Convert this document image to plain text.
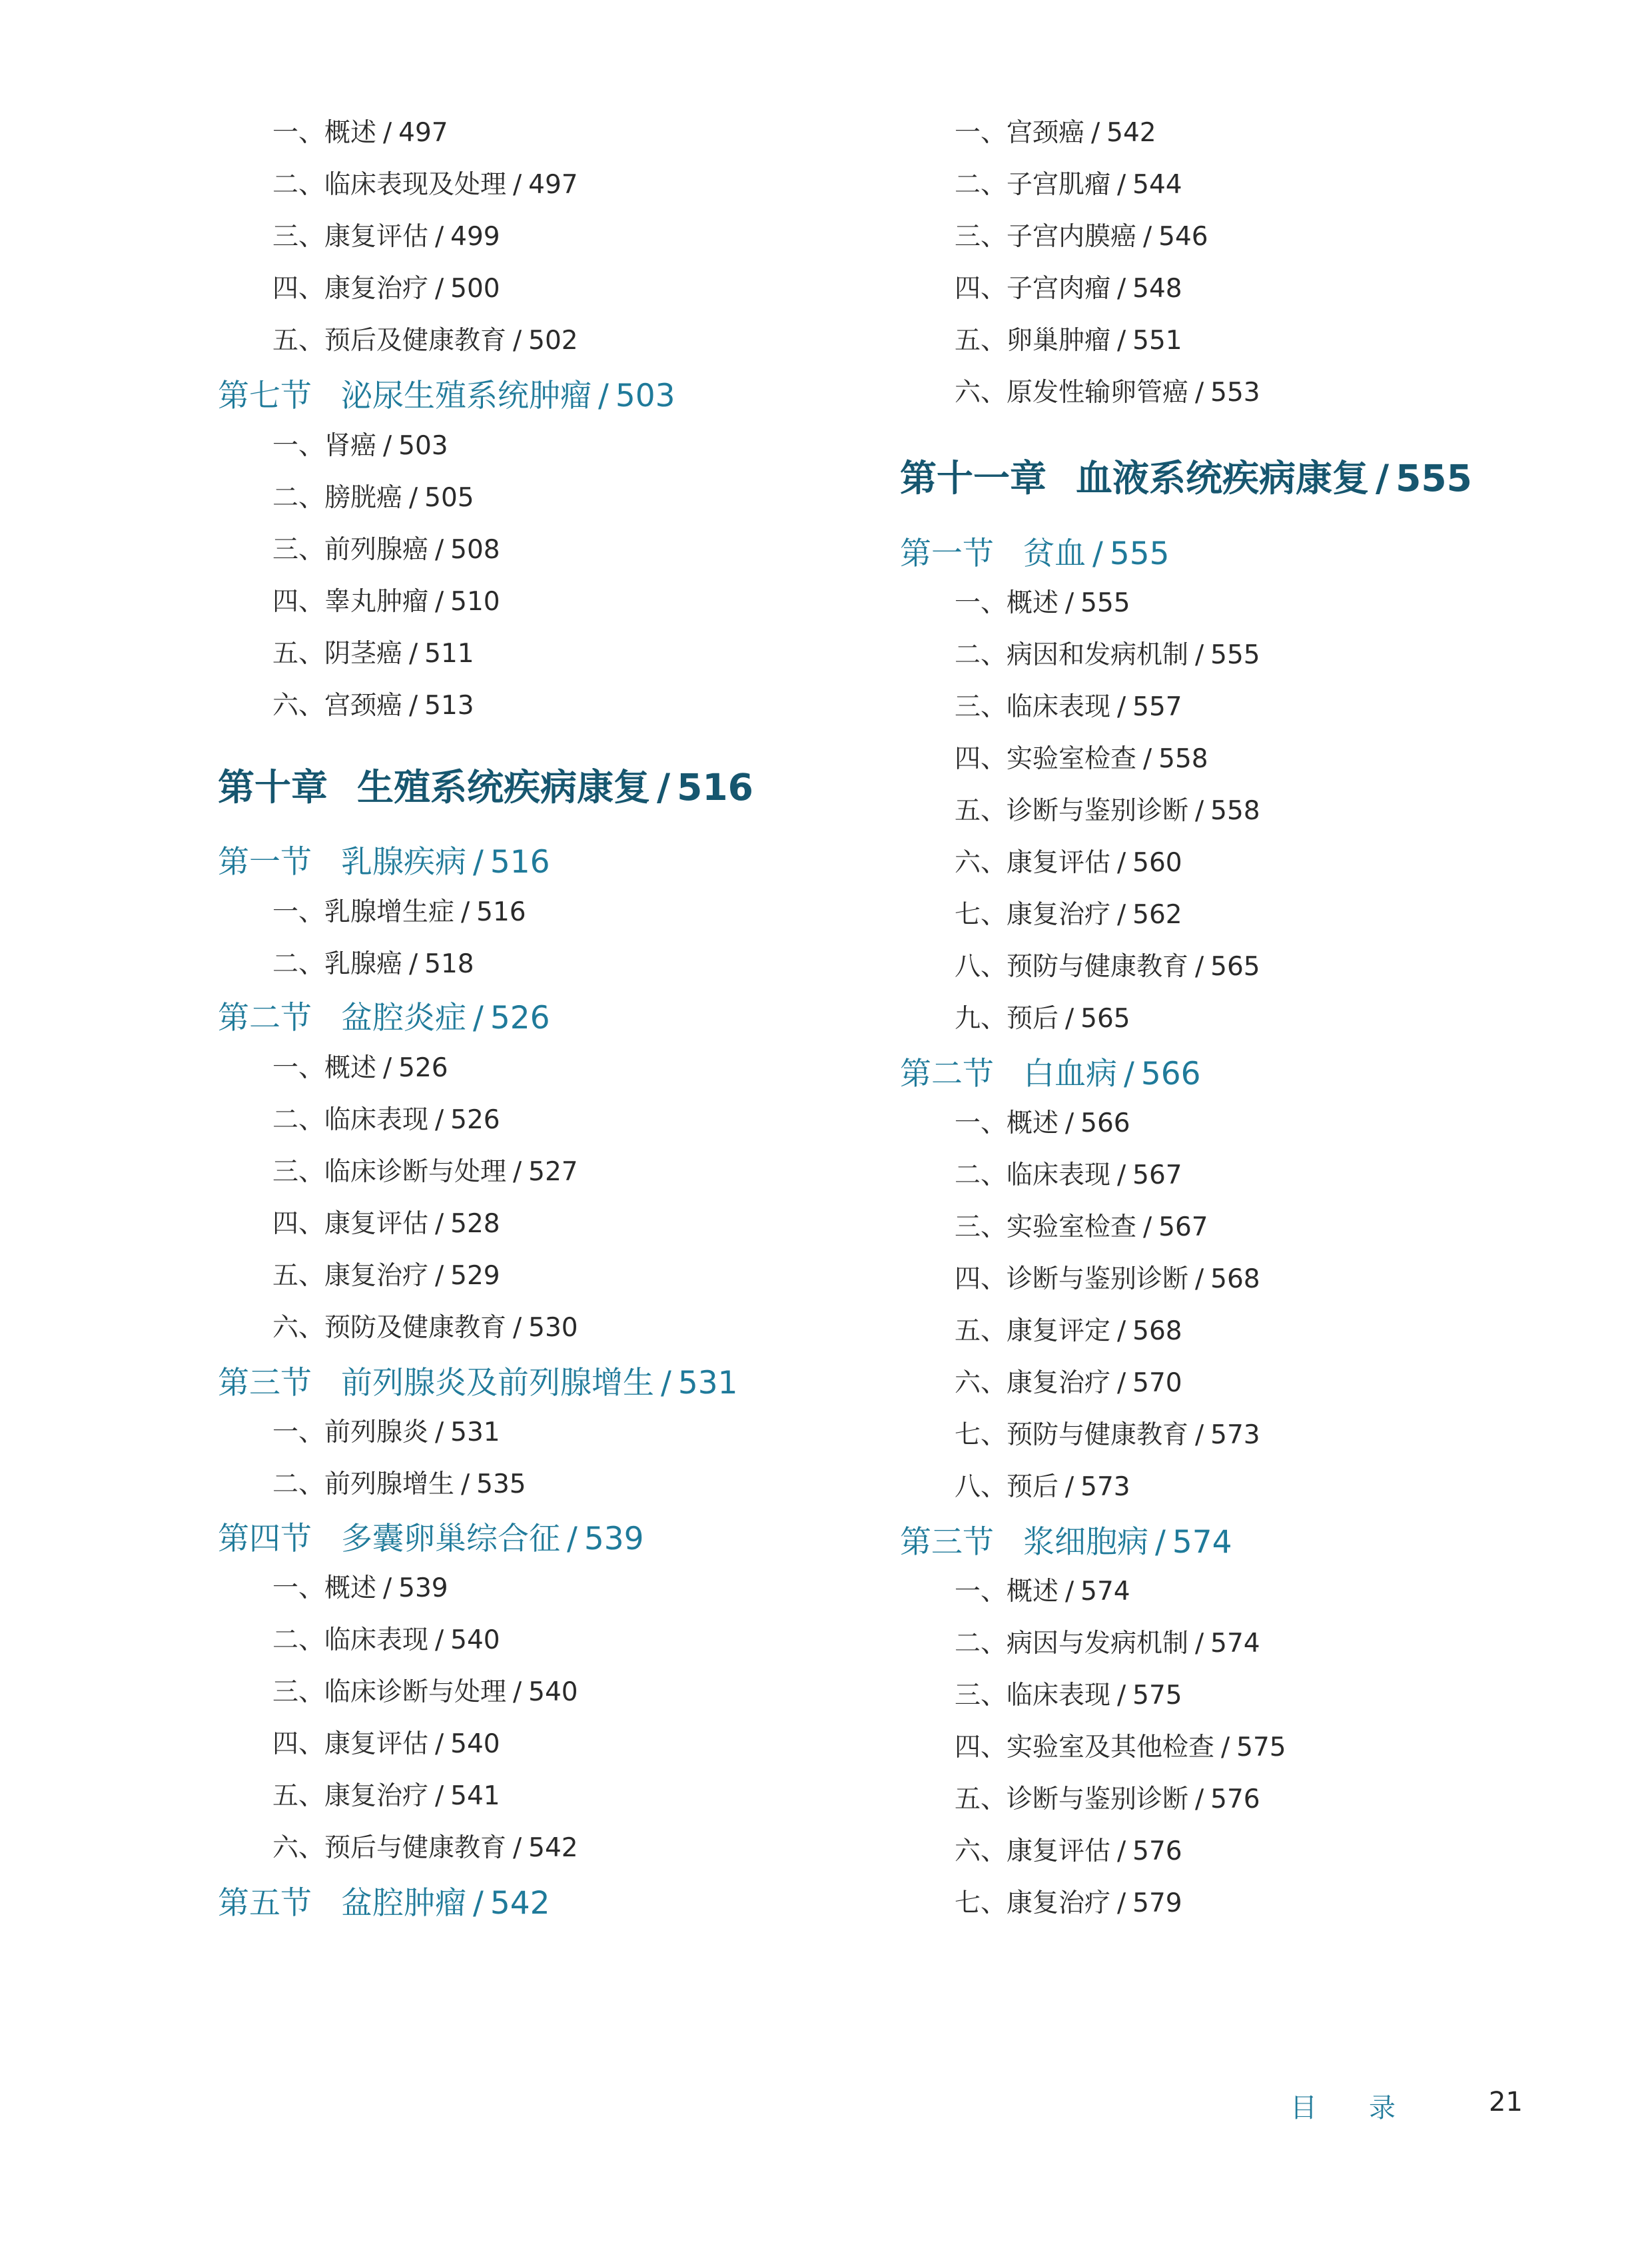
一、概述 / 497
二、临床表现及处理 / 497
三、康复评估 / 499
四、康复治疗 / 500
五、预后及健康教育 / 502
第七节 泌尿生殖系统肿瘤 / 503
一、肾癌 / 503
二、膀胱癌 / 505
三、前列腺癌 / 508
四、睾丸肿瘤 / 510
五、阴茎癌 / 511
六、宫颈癌 / 513
第十章 生殖系统疾病康复 / 516
第一节 乳腺疾病 / 516
一、乳腺增生症 / 516
二、乳腺癌 / 518
第二节 盆腔炎症 / 526
一、概述 / 526
二、临床表现 / 526
三、临床诊断与处理 / 527
四、康复评估 / 528
五、康复治疗 / 529
六、预防及健康教育 / 530
第三节 前列腺炎及前列腺增生 / 531
一、前列腺炎 / 531
二、前列腺增生 / 535
第四节 多囊卵巢综合征 / 539
一、概述 / 539
二、临床表现 / 540
三、临床诊断与处理 / 540
四、康复评估 / 540
五、康复治疗 / 541
六、预后与健康教育 / 542
第五节 盆腔肿瘤 / 542
一、宫颈癌 / 542
二、子宫肌瘤 / 544
三、子宫内膜癌 / 546
四、子宫肉瘤 / 548
五、卵巢肿瘤 / 551
六、原发性输卵管癌 / 553
第十一章 血液系统疾病康复 / 555
第一节 贫血 / 555
一、概述 / 555
二、病因和发病机制 / 555
三、临床表现 / 557
四、实验室检查 / 558
五、诊断与鉴别诊断 / 558
六、康复评估 / 560
七、康复治疗 / 562
八、预防与健康教育 / 565
九、预后 / 565
第二节 白血病 / 566
一、概述 / 566
二、临床表现 / 567
三、实验室检查 / 567
四、诊断与鉴别诊断 / 568
五、康复评定 / 568
六、康复治疗 / 570
七、预防与健康教育 / 573
八、预后 / 573
第三节 浆细胞病 / 574
一、概述 / 574
二、病因与发病机制 / 574
三、临床表现 / 575
四、实验室及其他检查 / 575
五、诊断与鉴别诊断 / 576
六、康复评估 / 576
七、康复治疗 / 579
目 录	21
